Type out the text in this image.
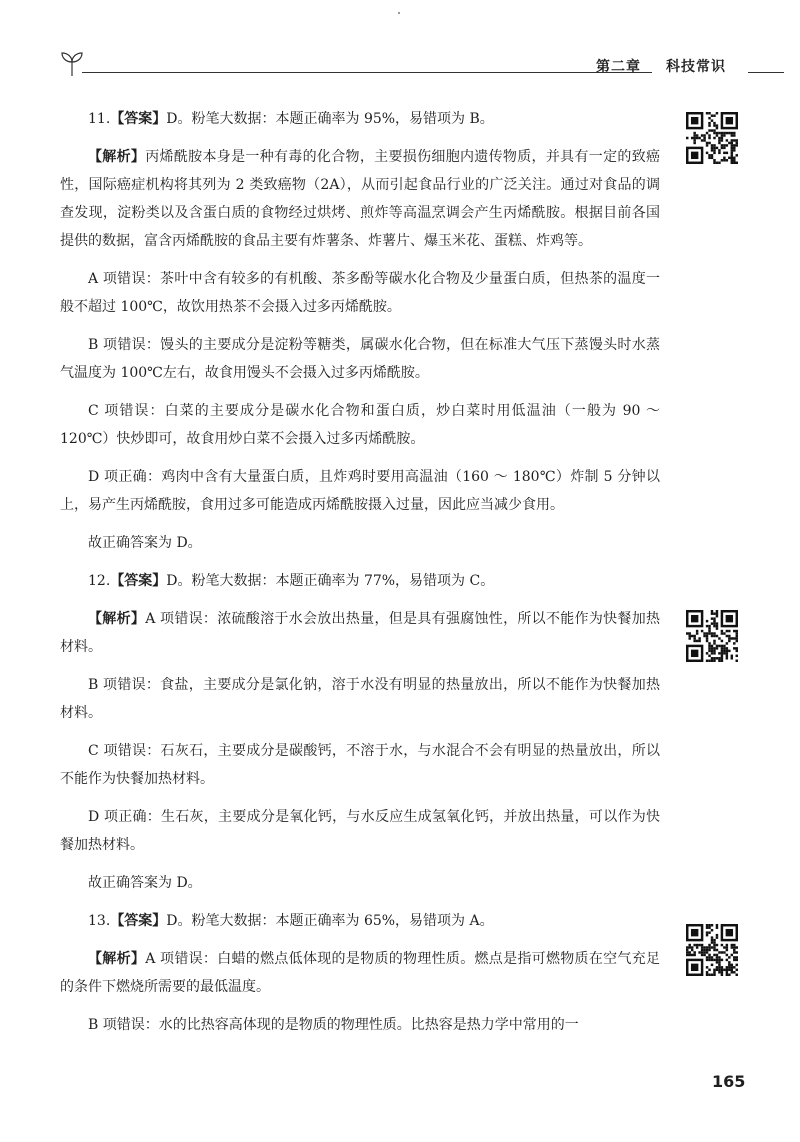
第二章 科技常识

11.【答案】D。粉笔大数据：本题正确率为 95%，易错项为 B。

【解析】丙烯酰胺本身是一种有毒的化合物，主要损伤细胞内遗传物质，并具有一定的致癌性，国际癌症机构将其列为 2 类致癌物（2A），从而引起食品行业的广泛关注。通过对食品的调查发现，淀粉类以及含蛋白质的食物经过烘烤、煎炸等高温烹调会产生丙烯酰胺。根据目前各国提供的数据，富含丙烯酰胺的食品主要有炸薯条、炸薯片、爆玉米花、蛋糕、炸鸡等。

A 项错误：茶叶中含有较多的有机酸、茶多酚等碳水化合物及少量蛋白质，但热茶的温度一般不超过 100℃，故饮用热茶不会摄入过多丙烯酰胺。

B 项错误：馒头的主要成分是淀粉等糖类，属碳水化合物，但在标准大气压下蒸馒头时水蒸气温度为 100℃左右，故食用馒头不会摄入过多丙烯酰胺。

C 项错误：白菜的主要成分是碳水化合物和蛋白质，炒白菜时用低温油（一般为 90 ～ 120℃）快炒即可，故食用炒白菜不会摄入过多丙烯酰胺。

D 项正确：鸡肉中含有大量蛋白质，且炸鸡时要用高温油（160 ～ 180℃）炸制 5 分钟以上，易产生丙烯酰胺，食用过多可能造成丙烯酰胺摄入过量，因此应当减少食用。

故正确答案为 D。

12.【答案】D。粉笔大数据：本题正确率为 77%，易错项为 C。

【解析】A 项错误：浓硫酸溶于水会放出热量，但是具有强腐蚀性，所以不能作为快餐加热材料。

B 项错误：食盐，主要成分是氯化钠，溶于水没有明显的热量放出，所以不能作为快餐加热材料。

C 项错误：石灰石，主要成分是碳酸钙，不溶于水，与水混合不会有明显的热量放出，所以不能作为快餐加热材料。

D 项正确：生石灰，主要成分是氧化钙，与水反应生成氢氧化钙，并放出热量，可以作为快餐加热材料。

故正确答案为 D。

13.【答案】D。粉笔大数据：本题正确率为 65%，易错项为 A。

【解析】A 项错误：白蜡的燃点低体现的是物质的物理性质。燃点是指可燃物质在空气充足的条件下燃烧所需要的最低温度。

B 项错误：水的比热容高体现的是物质的物理性质。比热容是热力学中常用的一

165
